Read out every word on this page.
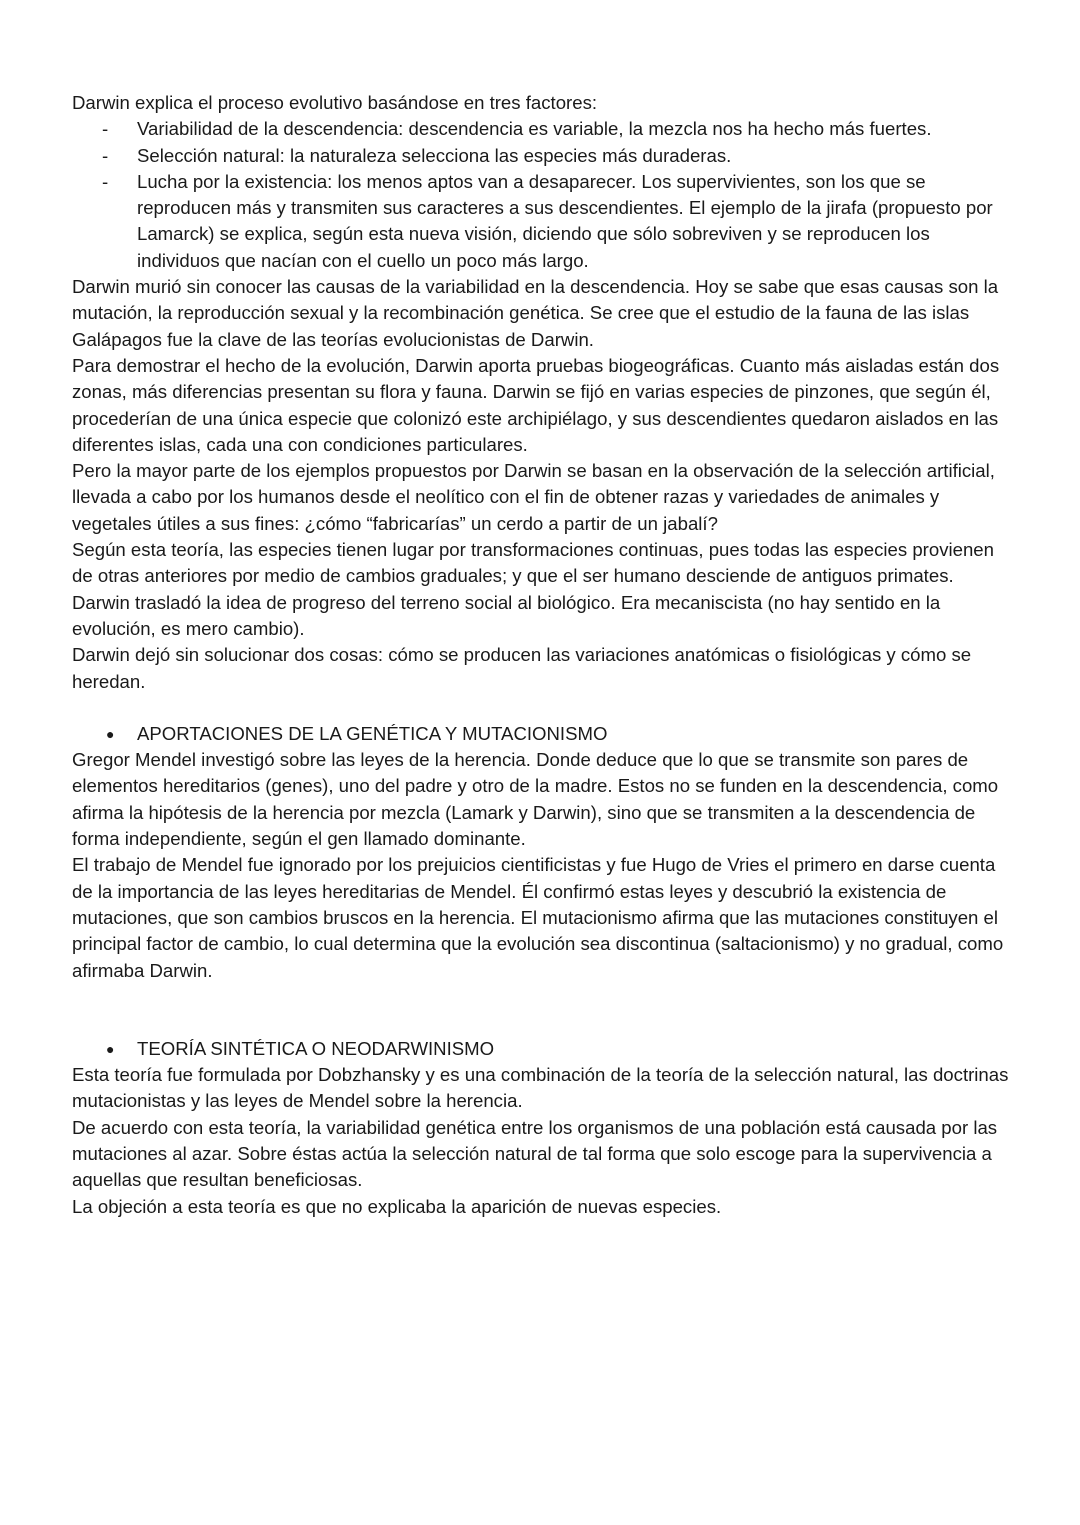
Darwin explica el proceso evolutivo basándose en tres factores:

- Variabilidad de la descendencia: descendencia es variable, la mezcla nos ha hecho más fuertes.
- Selección natural: la naturaleza selecciona las especies más duraderas.
- Lucha por la existencia: los menos aptos van a desaparecer. Los supervivientes, son los que se reproducen más y transmiten sus caracteres a sus descendientes. El ejemplo de la jirafa (propuesto por Lamarck) se explica, según esta nueva visión, diciendo que sólo sobreviven y se reproducen los individuos que nacían con el cuello un poco más largo.

Darwin murió sin conocer las causas de la variabilidad en la descendencia. Hoy se sabe que esas causas son la mutación, la reproducción sexual y la recombinación genética. Se cree que el estudio de la fauna de las islas Galápagos fue la clave de las teorías evolucionistas de Darwin.

Para demostrar el hecho de la evolución, Darwin aporta pruebas biogeográficas. Cuanto más aisladas están dos zonas, más diferencias presentan su flora y fauna. Darwin se fijó en varias especies de pinzones, que según él, procederían de una única especie que colonizó este archipiélago, y sus descendientes quedaron aislados en las diferentes islas, cada una con condiciones particulares.

Pero la mayor parte de los ejemplos propuestos por Darwin se basan en la observación de la selección artificial, llevada a cabo por los humanos desde el neolítico con el fin de obtener razas y variedades de animales y vegetales útiles a sus fines: ¿cómo “fabricarías” un cerdo a partir de un jabalí?

Según esta teoría, las especies tienen lugar por transformaciones continuas, pues todas las especies provienen de otras anteriores por medio de cambios graduales; y que el ser humano desciende de antiguos primates.

Darwin trasladó la idea de progreso del terreno social al biológico. Era mecaniscista (no hay sentido en la evolución, es mero cambio).

Darwin dejó sin solucionar dos cosas: cómo se producen las variaciones anatómicas o fisiológicas y cómo se heredan.

● APORTACIONES DE LA GENÉTICA Y MUTACIONISMO

Gregor Mendel investigó sobre las leyes de la herencia. Donde deduce que lo que se transmite son pares de elementos hereditarios (genes), uno del padre y otro de la madre. Estos no se funden en la descendencia, como afirma la hipótesis de la herencia por mezcla (Lamark y Darwin), sino que se transmiten a la descendencia de forma independiente, según el gen llamado dominante.

El trabajo de Mendel fue ignorado por los prejuicios cientificistas y fue Hugo de Vries el primero en darse cuenta de la importancia de las leyes hereditarias de Mendel. Él confirmó estas leyes y descubrió la existencia de mutaciones, que son cambios bruscos en la herencia. El mutacionismo afirma que las mutaciones constituyen el principal factor de cambio, lo cual determina que la evolución sea discontinua (saltacionismo) y no gradual, como afirmaba Darwin.

● TEORÍA SINTÉTICA O NEODARWINISMO

Esta teoría fue formulada por Dobzhansky y es una combinación de la teoría de la selección natural, las doctrinas mutacionistas y las leyes de Mendel sobre la herencia.

De acuerdo con esta teoría, la variabilidad genética entre los organismos de una población está causada por las mutaciones al azar. Sobre éstas actúa la selección natural de tal forma que solo escoge para la supervivencia a aquellas que resultan beneficiosas.

La objeción a esta teoría es que no explicaba la aparición de nuevas especies.
